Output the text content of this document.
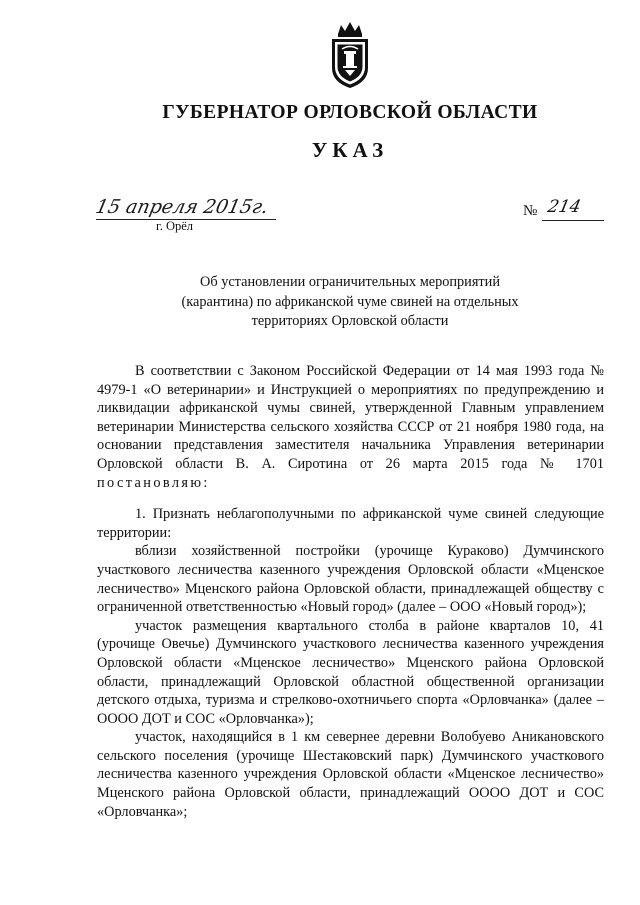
ГУБЕРНАТОР ОРЛОВСКОЙ ОБЛАСТИ
УКАЗ
15 апреля 2015г.
г. Орёл
№ 214
Об установлении ограничительных мероприятий
(карантина) по африканской чуме свиней на отдельных
территориях Орловской области

В соответствии с Законом Российской Федерации от 14 мая 1993 года № 4979-1 «О ветеринарии» и Инструкцией о мероприятиях по предупреждению и ликвидации африканской чумы свиней, утвержденной Главным управлением ветеринарии Министерства сельского хозяйства СССР от 21 ноября 1980 года, на основании представления заместителя начальника Управления ветеринарии Орловской области В. А. Сиротина от 26 марта 2015 года № 1701 постановляю:

1. Признать неблагополучными по африканской чуме свиней следующие территории:

вблизи хозяйственной постройки (урочище Кураково) Думчинского участкового лесничества казенного учреждения Орловской области «Мценское лесничество» Мценского района Орловской области, принадлежащей обществу с ограниченной ответственностью «Новый город» (далее – ООО «Новый город»);

участок размещения квартального столба в районе кварталов 10, 41 (урочище Овечье) Думчинского участкового лесничества казенного учреждения Орловской области «Мценское лесничество» Мценского района Орловской области, принадлежащий Орловской областной общественной организации детского отдыха, туризма и стрелково-охотничьего спорта «Орловчанка» (далее – ОООО ДОТ и СОС «Орловчанка»);

участок, находящийся в 1 км севернее деревни Волобуево Аникановского сельского поселения (урочище Шестаковский парк) Думчинского участкового лесничества казенного учреждения Орловской области «Мценское лесничество» Мценского района Орловской области, принадлежащий ОООО ДОТ и СОС «Орловчанка»;
